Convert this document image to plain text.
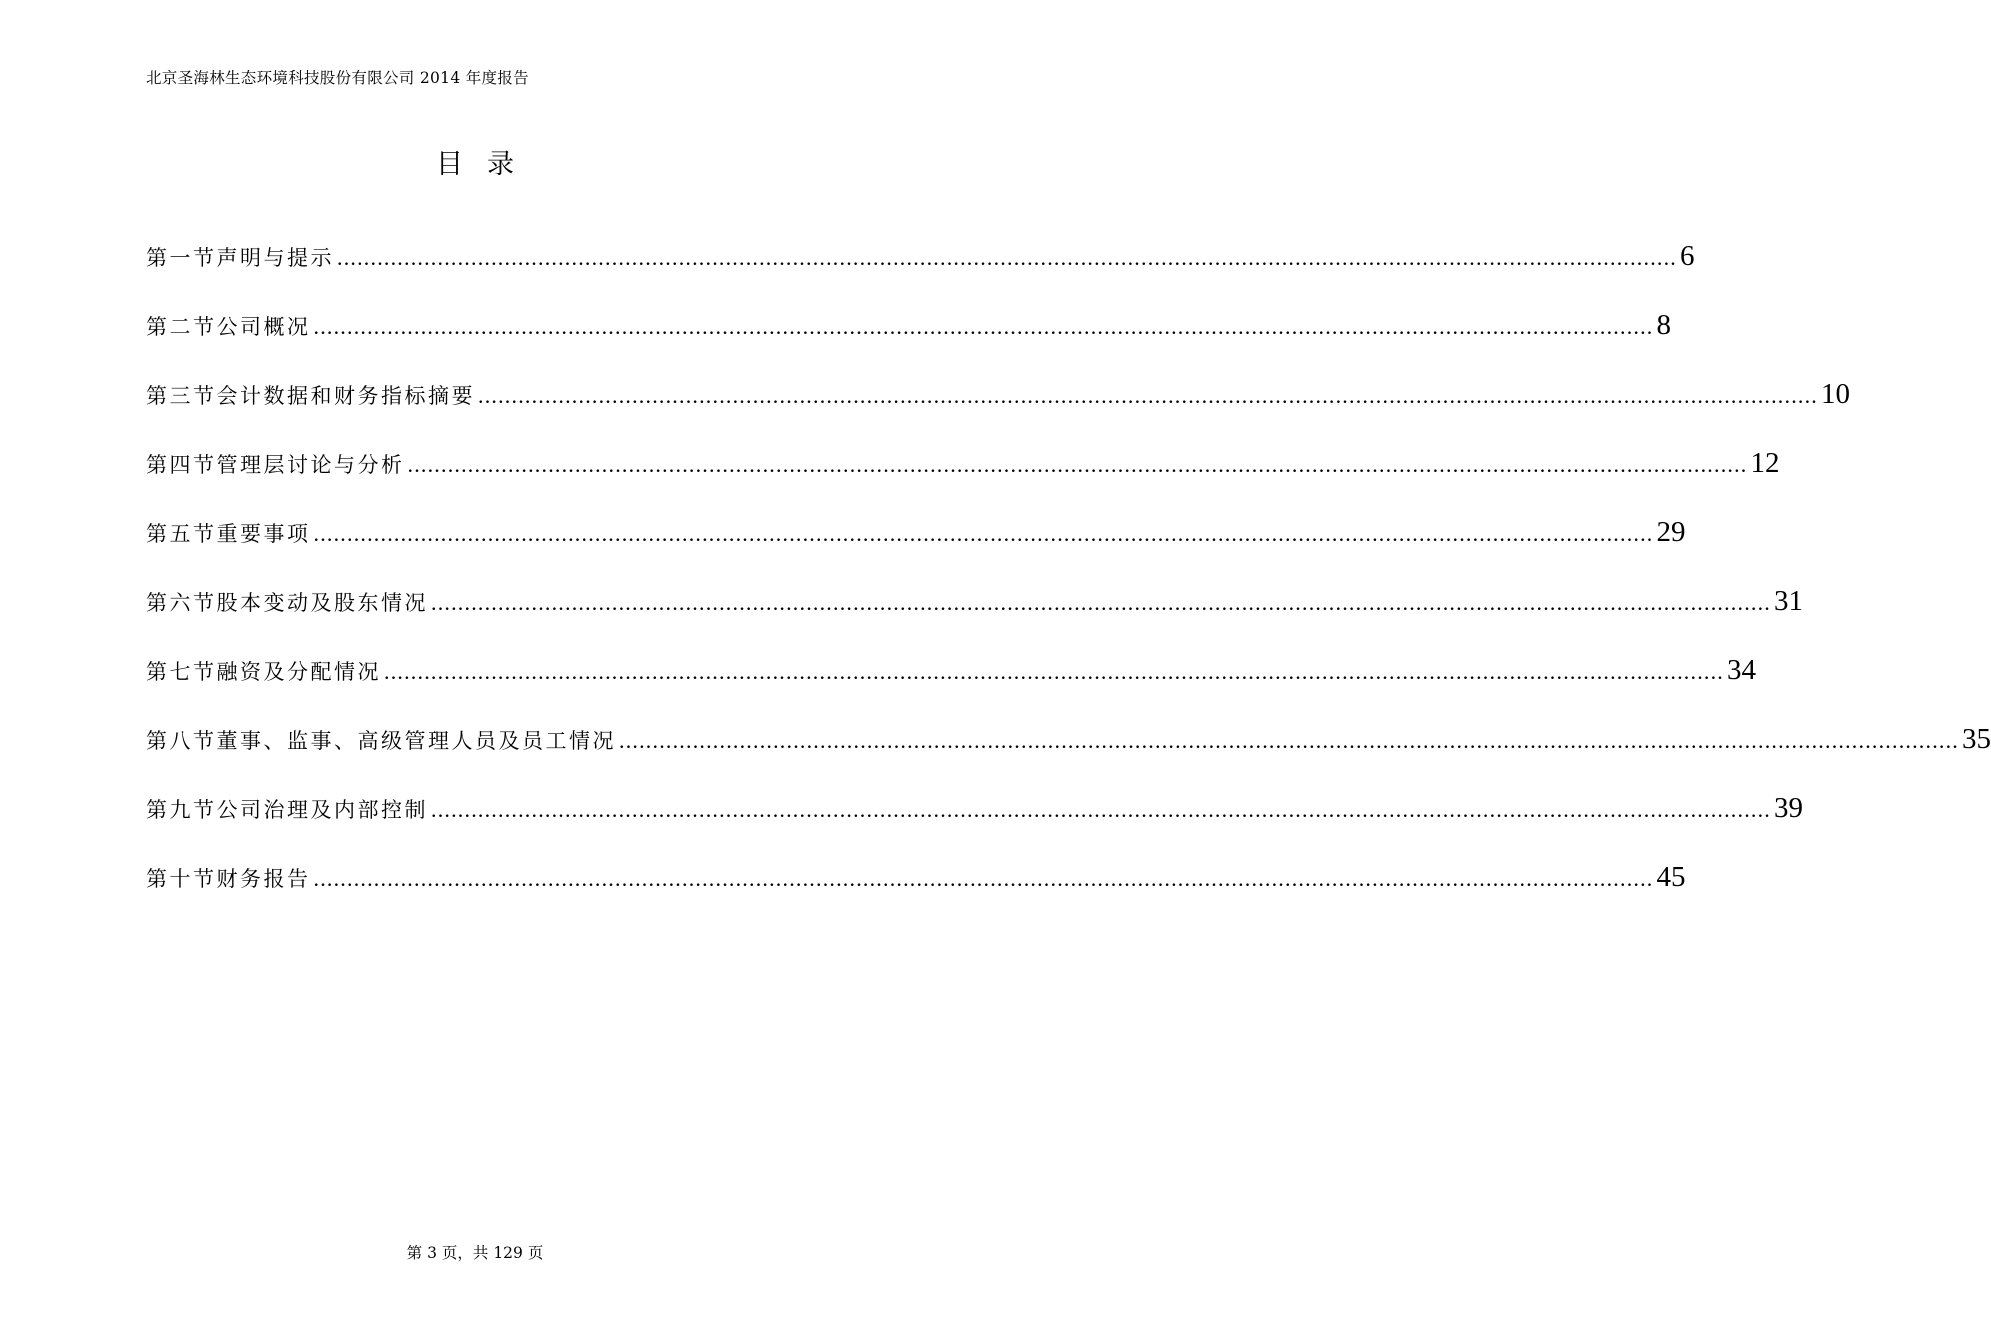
北京圣海林生态环境科技股份有限公司 2014 年度报告
目录
第一节声明与提示 ........................................................................................................................................................................................................ 6
第二节公司概况 ........................................................................................................................................................................................................ 8
第三节会计数据和财务指标摘要 ........................................................................................................................................................................................................ 10
第四节管理层讨论与分析 ........................................................................................................................................................................................................ 12
第五节重要事项 ........................................................................................................................................................................................................ 29
第六节股本变动及股东情况 ........................................................................................................................................................................................................ 31
第七节融资及分配情况 ........................................................................................................................................................................................................ 34
第八节董事、监事、高级管理人员及员工情况 ........................................................................................................................................................................................................ 35
第九节公司治理及内部控制 ........................................................................................................................................................................................................ 39
第十节财务报告 ........................................................................................................................................................................................................ 45
第 3 页，共 129 页
